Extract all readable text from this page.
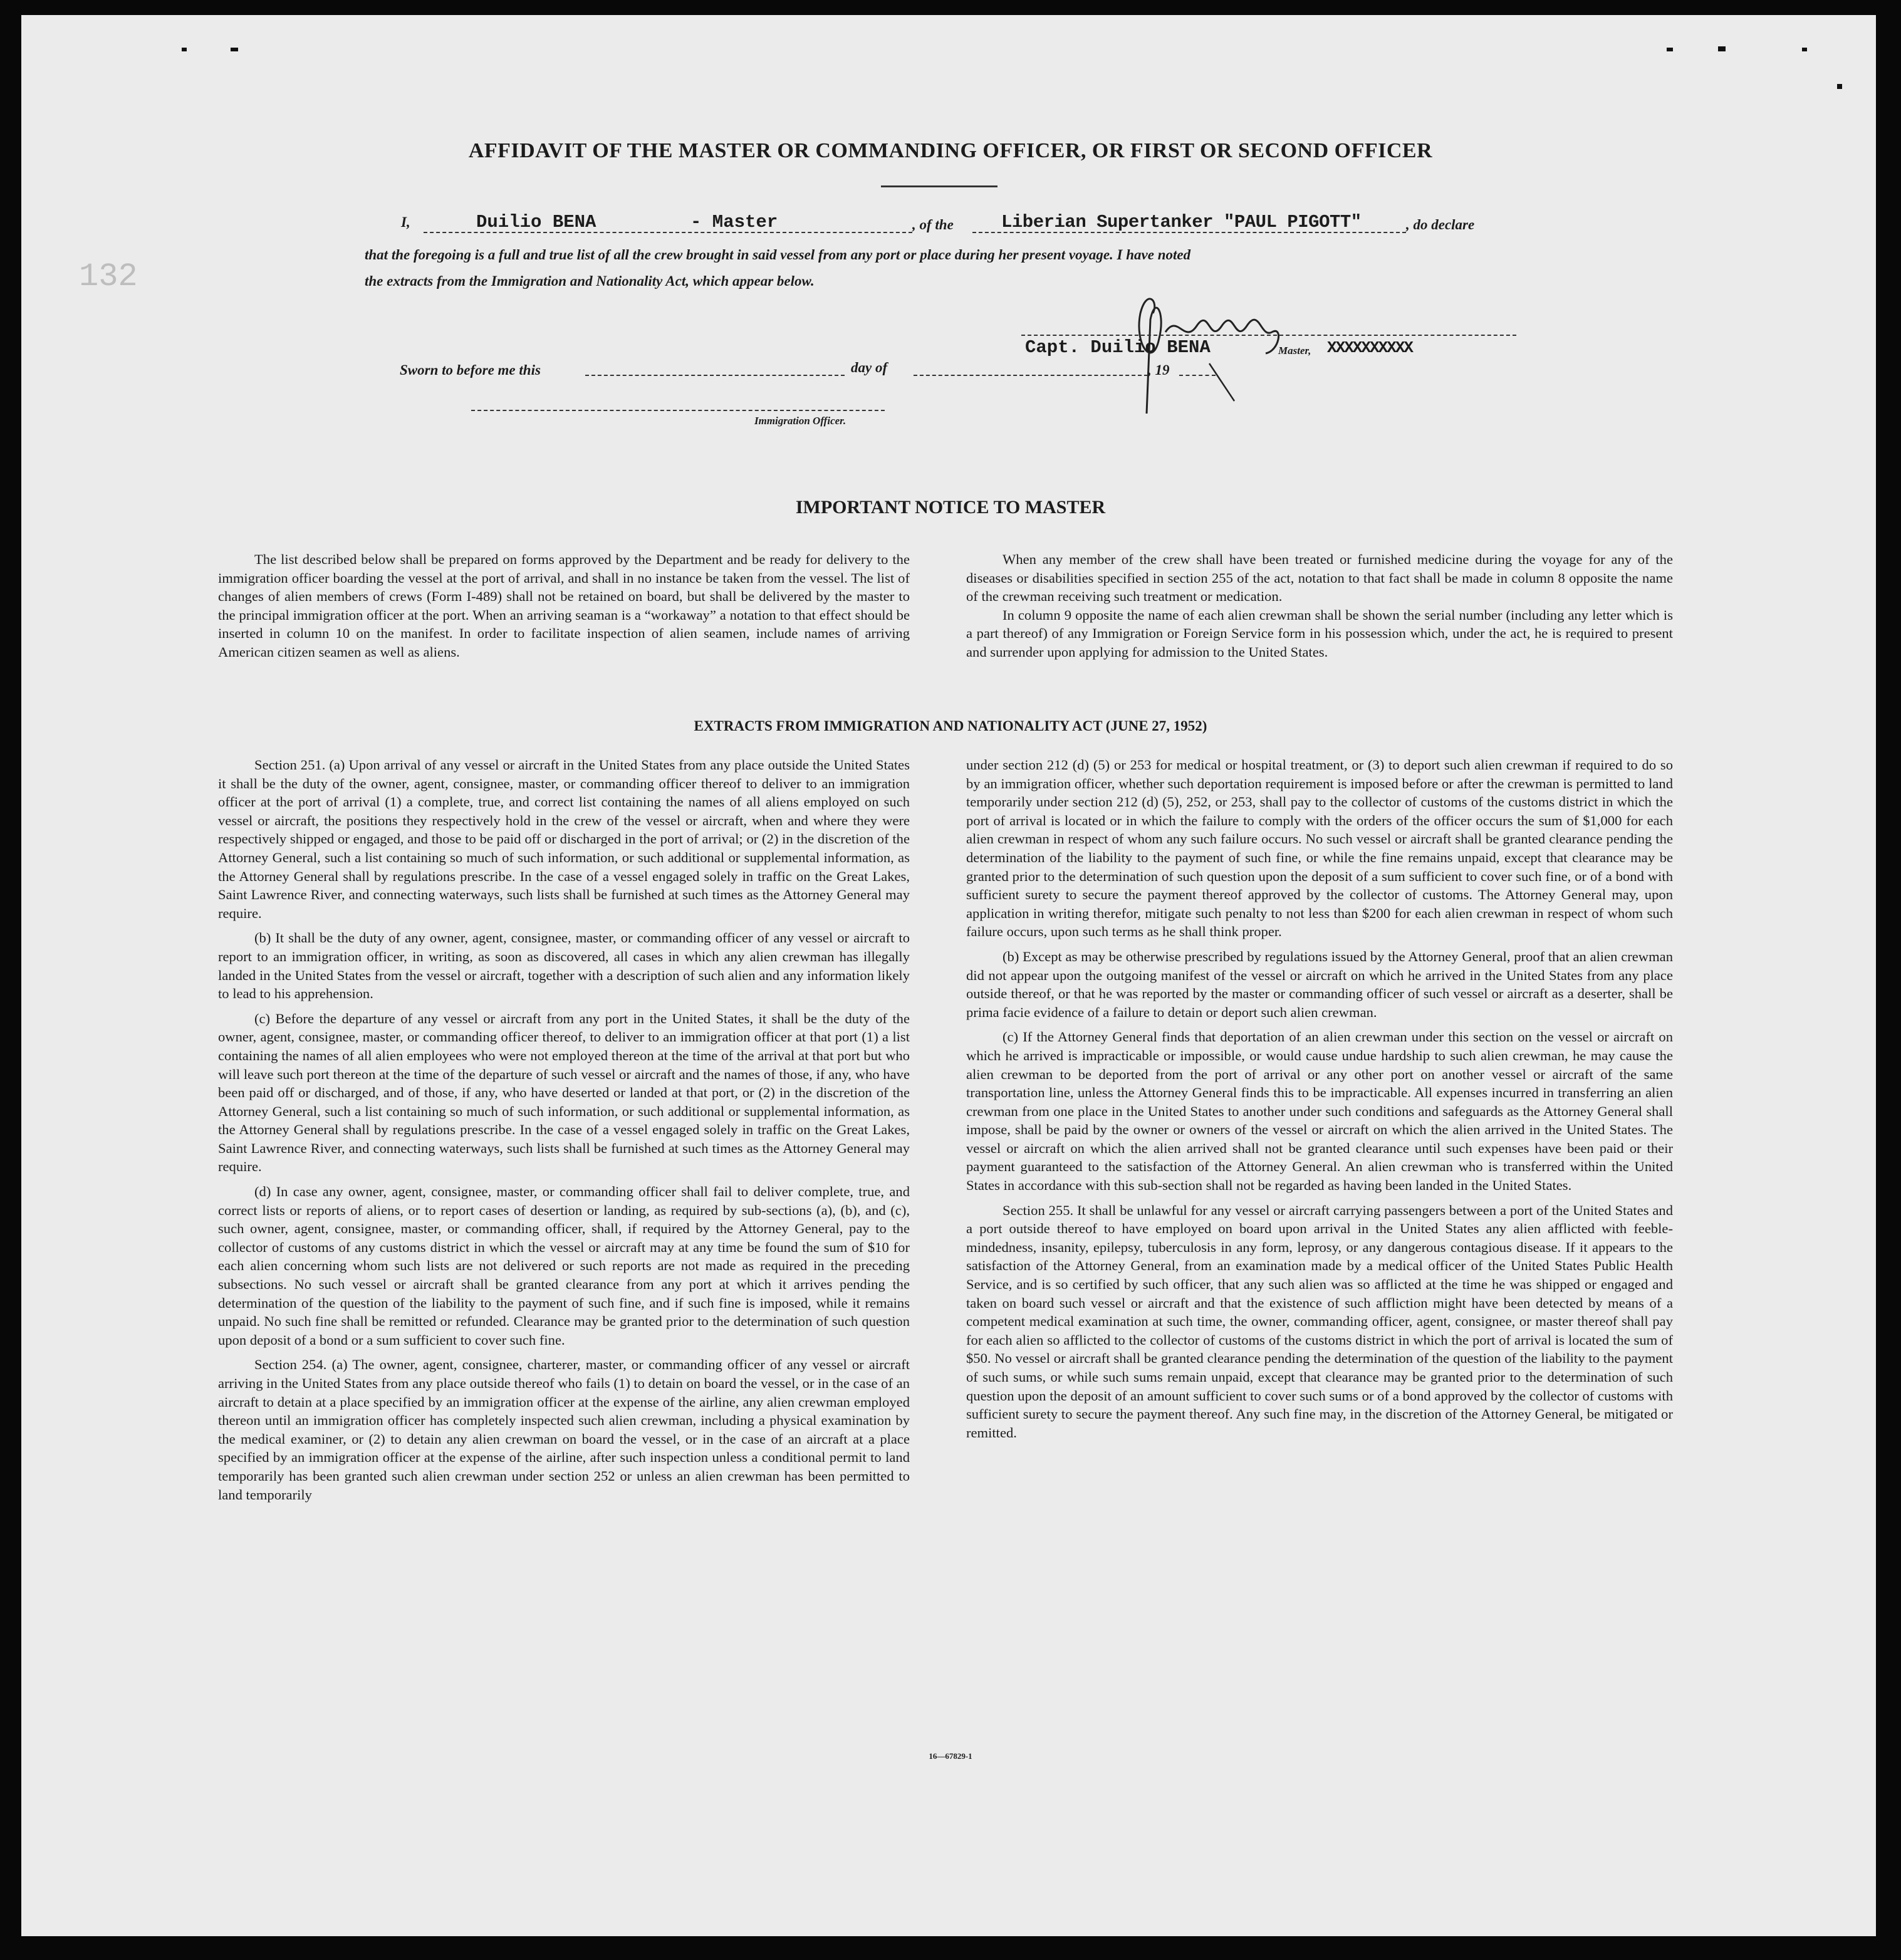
132
AFFIDAVIT OF THE MASTER OR COMMANDING OFFICER, OR FIRST OR SECOND OFFICER
I,	Duilio BENA	- Master	, of the	Liberian Supertanker "PAUL PIGOTT"	, do declare
that the foregoing is a full and true list of all the crew brought in said vessel from any port or place during her present voyage. I have noted
the extracts from the Immigration and Nationality Act, which appear below.
Capt. Duilio BENA	Master, XXXXXXXXXX
Sworn to before me this	day of	, 19
Immigration Officer.
IMPORTANT NOTICE TO MASTER

The list described below shall be prepared on forms approved by the Department and be ready for delivery to the immigration officer boarding the vessel at the port of arrival, and shall in no instance be taken from the vessel. The list of changes of alien members of crews (Form I-489) shall not be retained on board, but shall be delivered by the master to the principal immigration officer at the port. When an arriving seaman is a “workaway” a notation to that effect should be inserted in column 10 on the manifest. In order to facilitate inspection of alien seamen, include names of arriving American citizen seamen as well as aliens.

When any member of the crew shall have been treated or furnished medicine during the voyage for any of the diseases or disabilities specified in section 255 of the act, notation to that fact shall be made in column 8 opposite the name of the crewman receiving such treatment or medication.

In column 9 opposite the name of each alien crewman shall be shown the serial number (including any letter which is a part thereof) of any Immigration or Foreign Service form in his possession which, under the act, he is required to present and surrender upon applying for admission to the United States.

EXTRACTS FROM IMMIGRATION AND NATIONALITY ACT (JUNE 27, 1952)

Section 251. (a) Upon arrival of any vessel or aircraft in the United States from any place outside the United States it shall be the duty of the owner, agent, consignee, master, or commanding officer thereof to deliver to an immigration officer at the port of arrival (1) a complete, true, and correct list containing the names of all aliens employed on such vessel or aircraft, the positions they respectively hold in the crew of the vessel or aircraft, when and where they were respectively shipped or engaged, and those to be paid off or discharged in the port of arrival; or (2) in the discretion of the Attorney General, such a list containing so much of such information, or such additional or supplemental information, as the Attorney General shall by regulations prescribe. In the case of a vessel engaged solely in traffic on the Great Lakes, Saint Lawrence River, and connecting waterways, such lists shall be furnished at such times as the Attorney General may require.

(b) It shall be the duty of any owner, agent, consignee, master, or commanding officer of any vessel or aircraft to report to an immigration officer, in writing, as soon as discovered, all cases in which any alien crewman has illegally landed in the United States from the vessel or aircraft, together with a description of such alien and any information likely to lead to his apprehension.

(c) Before the departure of any vessel or aircraft from any port in the United States, it shall be the duty of the owner, agent, consignee, master, or commanding officer thereof, to deliver to an immigration officer at that port (1) a list containing the names of all alien employees who were not employed thereon at the time of the arrival at that port but who will leave such port thereon at the time of the departure of such vessel or aircraft and the names of those, if any, who have been paid off or discharged, and of those, if any, who have deserted or landed at that port, or (2) in the discretion of the Attorney General, such a list containing so much of such information, or such additional or supplemental information, as the Attorney General shall by regulations prescribe. In the case of a vessel engaged solely in traffic on the Great Lakes, Saint Lawrence River, and connecting waterways, such lists shall be furnished at such times as the Attorney General may require.

(d) In case any owner, agent, consignee, master, or commanding officer shall fail to deliver complete, true, and correct lists or reports of aliens, or to report cases of desertion or landing, as required by sub-sections (a), (b), and (c), such owner, agent, consignee, master, or commanding officer, shall, if required by the Attorney General, pay to the collector of customs of any customs district in which the vessel or aircraft may at any time be found the sum of $10 for each alien concerning whom such lists are not delivered or such reports are not made as required in the preceding subsections. No such vessel or aircraft shall be granted clearance from any port at which it arrives pending the determination of the question of the liability to the payment of such fine, and if such fine is imposed, while it remains unpaid. No such fine shall be remitted or refunded. Clearance may be granted prior to the determination of such question upon deposit of a bond or a sum sufficient to cover such fine.

Section 254. (a) The owner, agent, consignee, charterer, master, or commanding officer of any vessel or aircraft arriving in the United States from any place outside thereof who fails (1) to detain on board the vessel, or in the case of an aircraft to detain at a place specified by an immigration officer at the expense of the airline, any alien crewman employed thereon until an immigration officer has completely inspected such alien crewman, including a physical examination by the medical examiner, or (2) to detain any alien crewman on board the vessel, or in the case of an aircraft at a place specified by an immigration officer at the expense of the airline, after such inspection unless a conditional permit to land temporarily has been granted such alien crewman under section 252 or unless an alien crewman has been permitted to land temporarily

under section 212 (d) (5) or 253 for medical or hospital treatment, or (3) to deport such alien crewman if required to do so by an immigration officer, whether such deportation requirement is imposed before or after the crewman is permitted to land temporarily under section 212 (d) (5), 252, or 253, shall pay to the collector of customs of the customs district in which the port of arrival is located or in which the failure to comply with the orders of the officer occurs the sum of $1,000 for each alien crewman in respect of whom any such failure occurs. No such vessel or aircraft shall be granted clearance pending the determination of the liability to the payment of such fine, or while the fine remains unpaid, except that clearance may be granted prior to the determination of such question upon the deposit of a sum sufficient to cover such fine, or of a bond with sufficient surety to secure the payment thereof approved by the collector of customs. The Attorney General may, upon application in writing therefor, mitigate such penalty to not less than $200 for each alien crewman in respect of whom such failure occurs, upon such terms as he shall think proper.

(b) Except as may be otherwise prescribed by regulations issued by the Attorney General, proof that an alien crewman did not appear upon the outgoing manifest of the vessel or aircraft on which he arrived in the United States from any place outside thereof, or that he was reported by the master or commanding officer of such vessel or aircraft as a deserter, shall be prima facie evidence of a failure to detain or deport such alien crewman.

(c) If the Attorney General finds that deportation of an alien crewman under this section on the vessel or aircraft on which he arrived is impracticable or impossible, or would cause undue hardship to such alien crewman, he may cause the alien crewman to be deported from the port of arrival or any other port on another vessel or aircraft of the same transportation line, unless the Attorney General finds this to be impracticable. All expenses incurred in transferring an alien crewman from one place in the United States to another under such conditions and safeguards as the Attorney General shall impose, shall be paid by the owner or owners of the vessel or aircraft on which the alien arrived in the United States. The vessel or aircraft on which the alien arrived shall not be granted clearance until such expenses have been paid or their payment guaranteed to the satisfaction of the Attorney General. An alien crewman who is transferred within the United States in accordance with this sub-section shall not be regarded as having been landed in the United States.

Section 255. It shall be unlawful for any vessel or aircraft carrying passengers between a port of the United States and a port outside thereof to have employed on board upon arrival in the United States any alien afflicted with feeble-mindedness, insanity, epilepsy, tuberculosis in any form, leprosy, or any dangerous contagious disease. If it appears to the satisfaction of the Attorney General, from an examination made by a medical officer of the United States Public Health Service, and is so certified by such officer, that any such alien was so afflicted at the time he was shipped or engaged and taken on board such vessel or aircraft and that the existence of such affliction might have been detected by means of a competent medical examination at such time, the owner, commanding officer, agent, consignee, or master thereof shall pay for each alien so afflicted to the collector of customs of the customs district in which the port of arrival is located the sum of $50. No vessel or aircraft shall be granted clearance pending the determination of the question of the liability to the payment of such sums, or while such sums remain unpaid, except that clearance may be granted prior to the determination of such question upon the deposit of an amount sufficient to cover such sums or of a bond approved by the collector of customs with sufficient surety to secure the payment thereof. Any such fine may, in the discretion of the Attorney General, be mitigated or remitted.

16—67829-1
